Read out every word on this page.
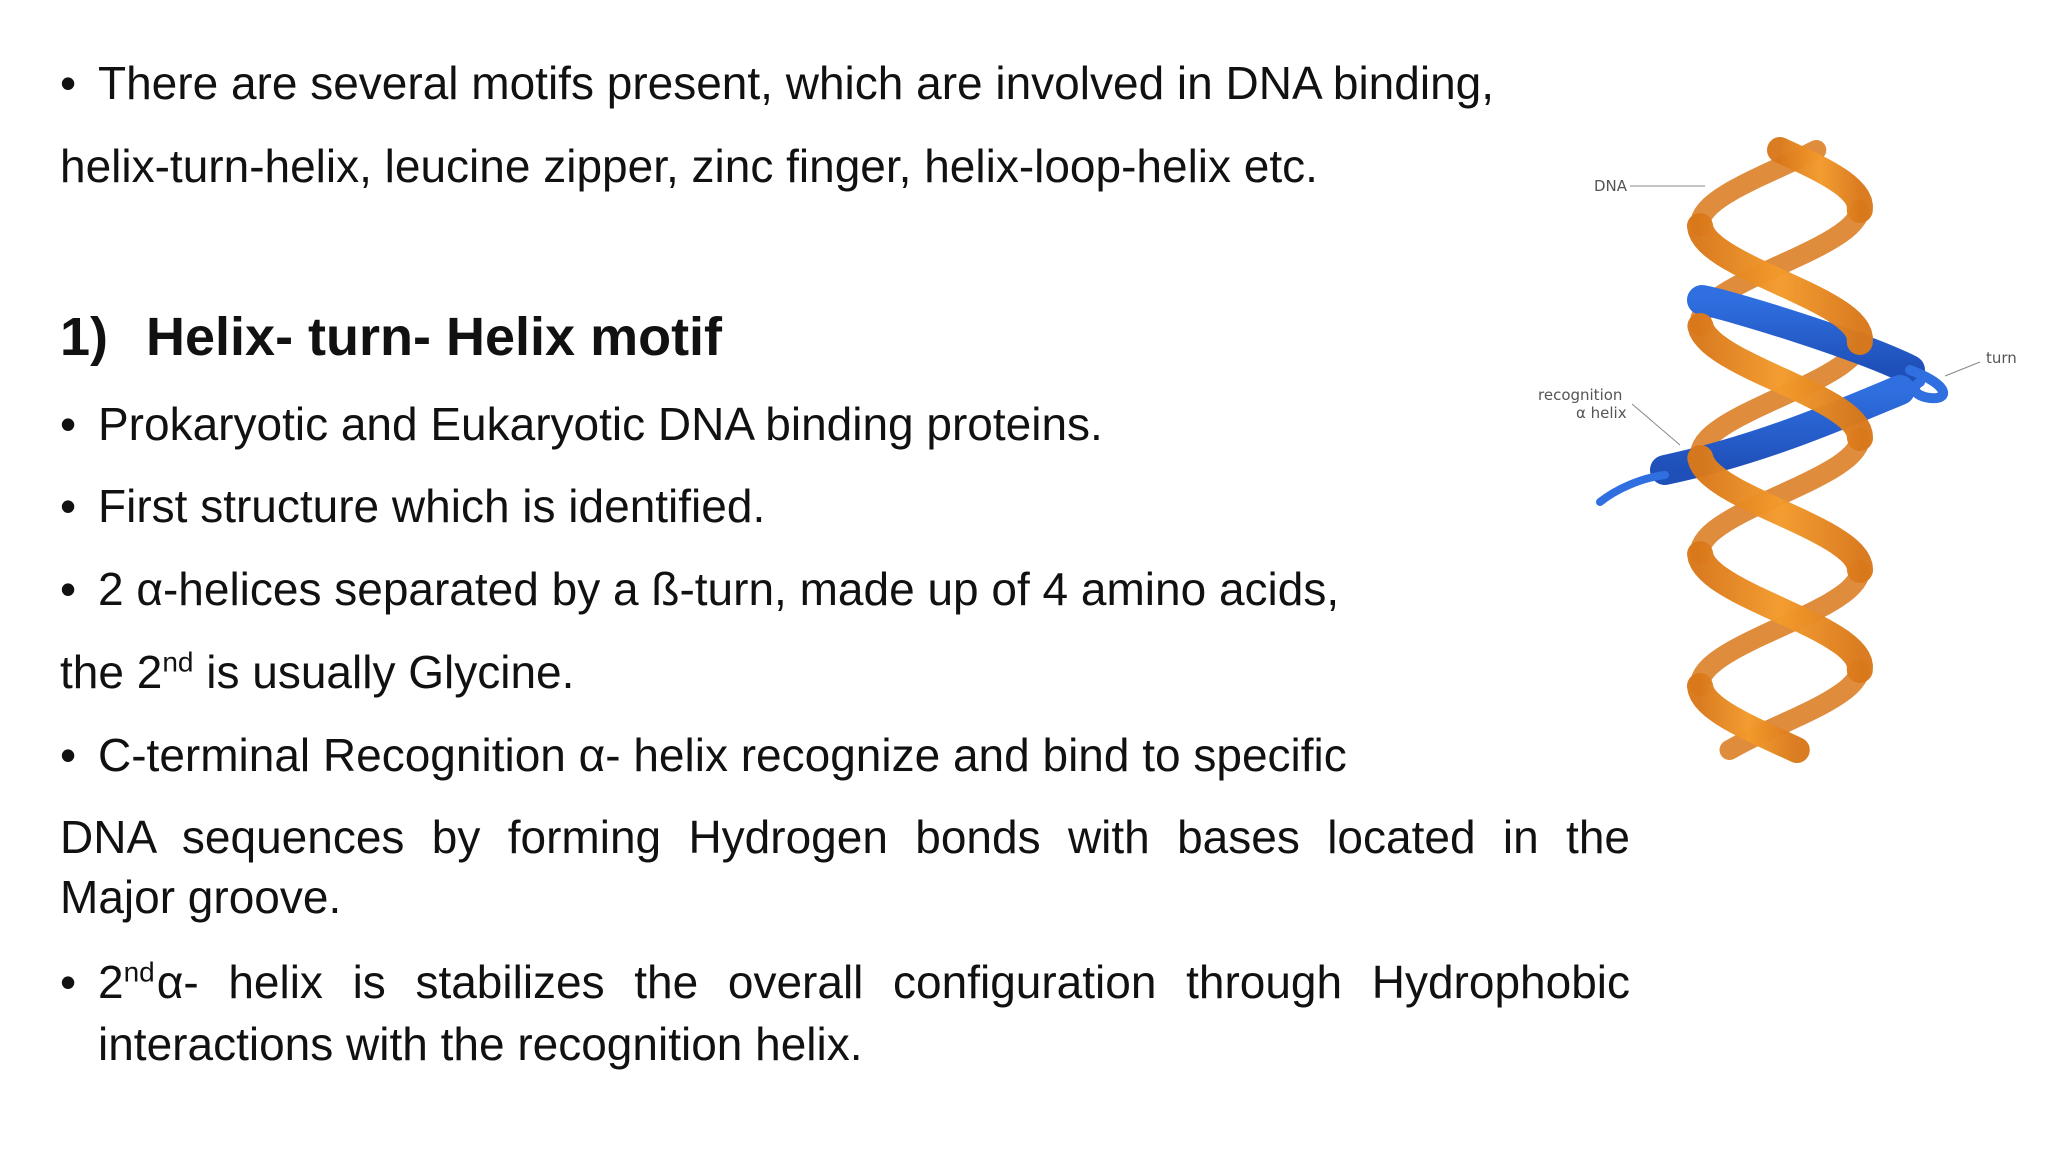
• There are several motifs present, which are involved in DNA binding,
helix-turn-helix, leucine zipper, zinc finger, helix-loop-helix etc.
1) Helix- turn- Helix motif
• Prokaryotic and Eukaryotic DNA binding proteins.
• First structure which is identified.
• 2 α-helices separated by a ß-turn, made up of 4 amino acids,
the 2nd is usually Glycine.
• C-terminal Recognition α- helix recognize and bind to specific
DNA sequences by forming Hydrogen bonds with bases located in the
Major groove.
• 2nd α- helix is stabilizes the overall configuration through Hydrophobic
interactions with the recognition helix.
DNA
turn
recognition
α helix
